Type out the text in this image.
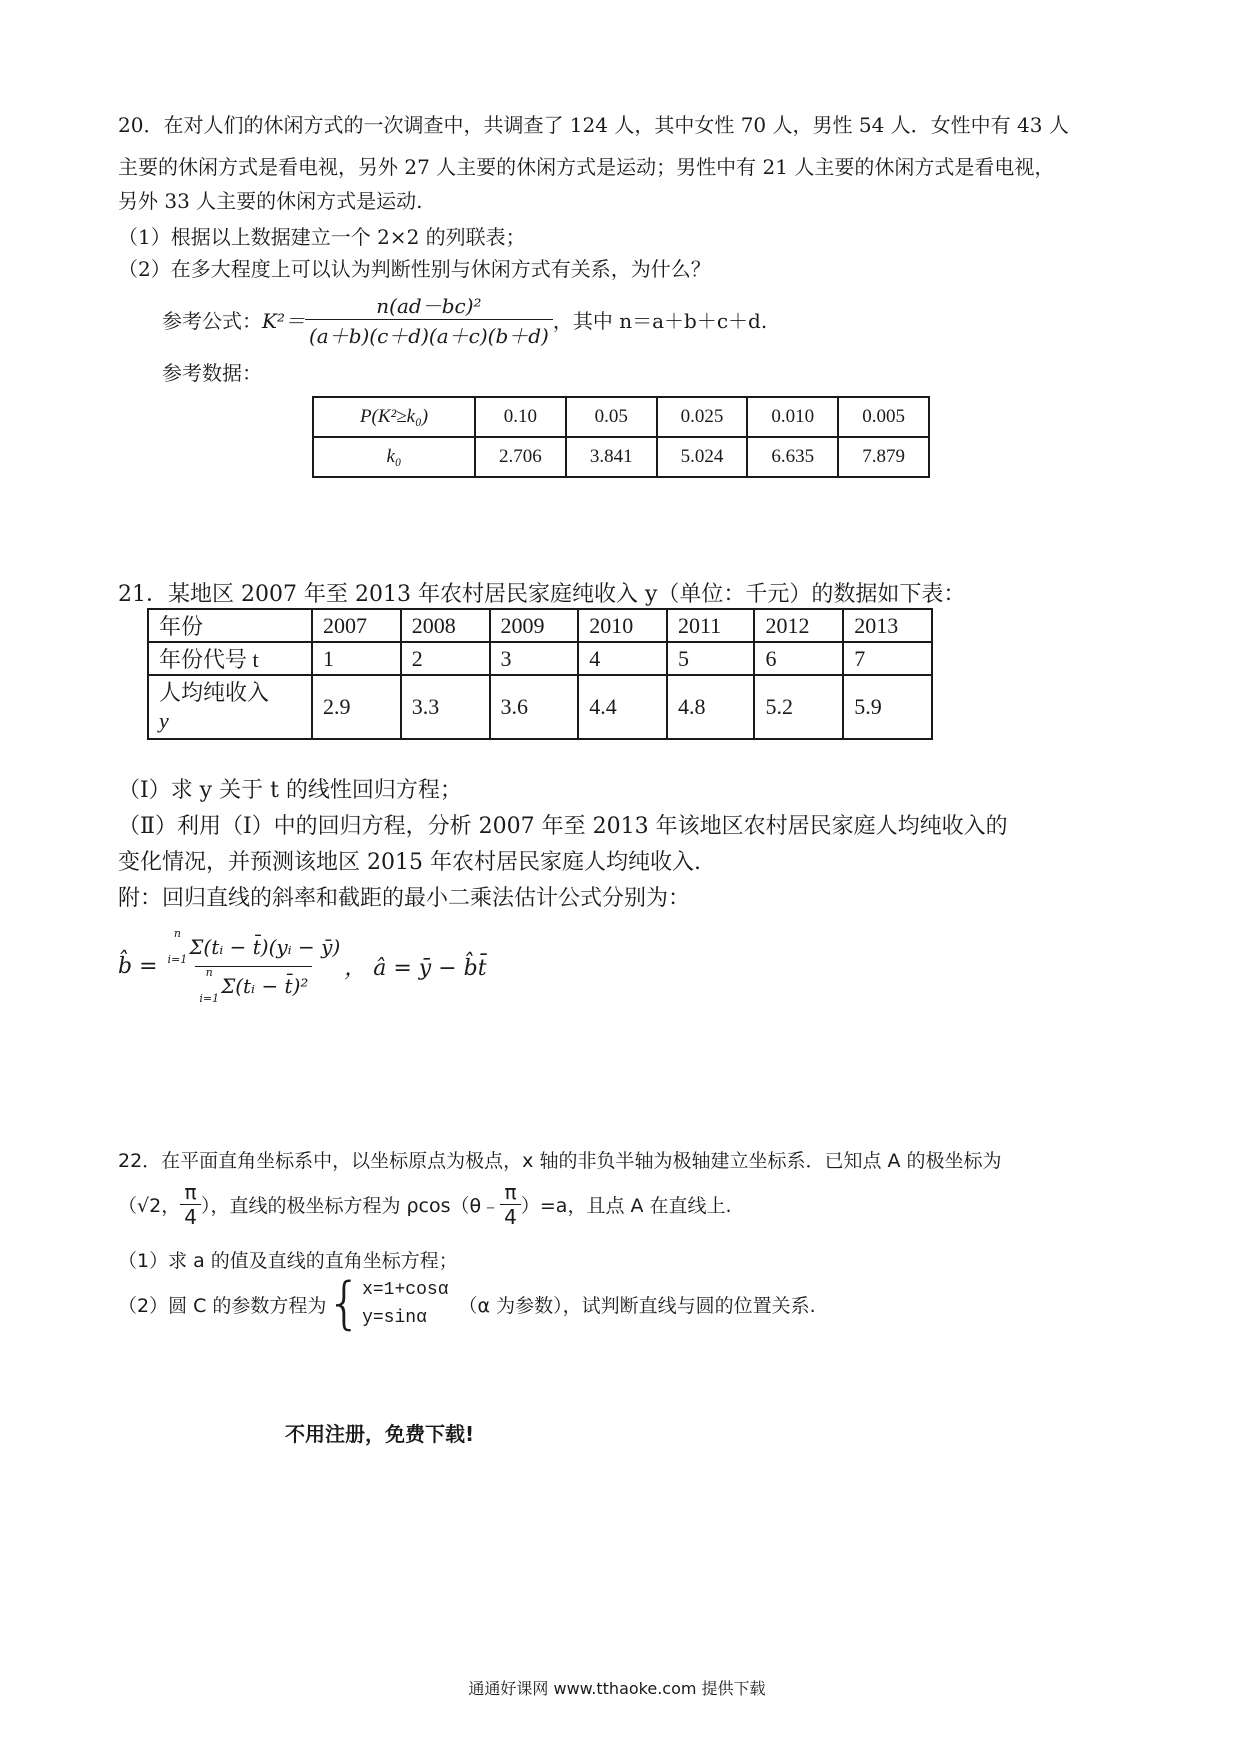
20．在对人们的休闲方式的一次调查中，共调查了 124 人，其中女性 70 人，男性 54 人．女性中有 43 人
主要的休闲方式是看电视，另外 27 人主要的休闲方式是运动；男性中有 21 人主要的休闲方式是看电视，
另外 33 人主要的休闲方式是运动.
（1）根据以上数据建立一个 2×2 的列联表；
（2）在多大程度上可以认为判断性别与休闲方式有关系，为什么？
参考公式： $K^2= \frac{\text{n(ad－bc)²}}{(a+b)(c+d)(a+c)(b+d)}$ ，其中 n＝a＋b＋c＋d.
参考数据：
P(K²≥k₀)	0.10	0.05	0.025	0.010	0.005
k₀	2.706	3.841	5.024	6.635	7.879
21．某地区 2007 年至 2013 年农村居民家庭纯收入 y（单位：千元）的数据如下表：
年份	2007	2008	2009	2010	2011	2012	2013
年份代号 t	1	2	3	4	5	6	7

人均纯收入
y	2.9	3.3	3.6	4.4	4.8	5.2	5.9
（Ⅰ）求 y 关于 t 的线性回归方程；
（Ⅱ）利用（Ⅰ）中的回归方程，分析 2007 年至 2013 年该地区农村居民家庭人均纯收入的
变化情况，并预测该地区 2015 年农村居民家庭人均纯收入.
附：回归直线的斜率和截距的最小二乘法估计公式分别为：
b̂ = n
i=1
Σ(tᵢ − t̄)(yᵢ − ȳ)
n
i=1
Σ(tᵢ − t̄)² ， â = ȳ − b̂t̄
22．在平面直角坐标系中，以坐标原点为极点，x 轴的非负半轴为极轴建立坐标系．已知点 A 的极坐标为
（√2， $\frac{\pi}{4}$ ），直线的极坐标方程为 ρcos（θ﹣ $\frac{\pi}{4} )=a$，且点 A 在直线上.
（1）求 a 的值及直线的直角坐标方程；
（2）圆 C 的参数方程为 { x=1+cosα
y=sinα
（α 为参数），试判断直线与圆的位置关系.
不用注册，免费下载!
通通好课网 www.tthaoke.com 提供下载
